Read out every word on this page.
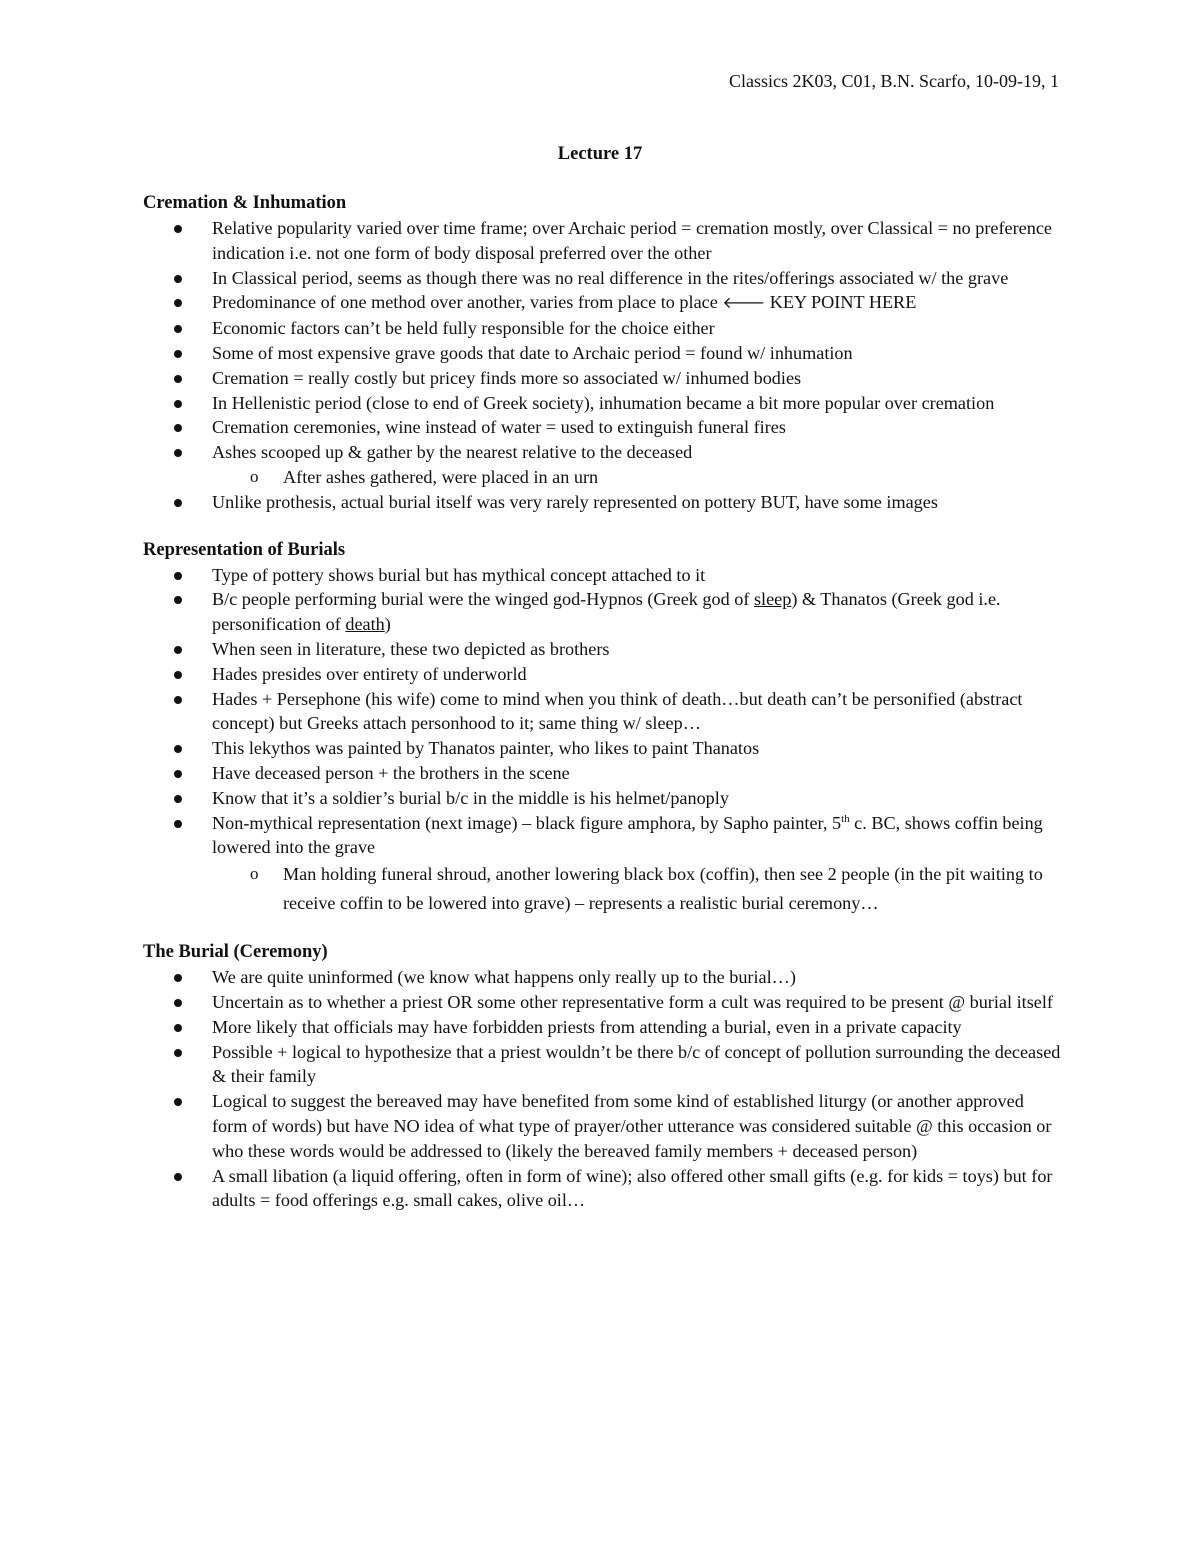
Classics 2K03, C01, B.N. Scarfo, 10-09-19, 1
Lecture 17
Cremation & Inhumation
Relative popularity varied over time frame; over Archaic period = cremation mostly, over Classical = no preference indication i.e. not one form of body disposal preferred over the other
In Classical period, seems as though there was no real difference in the rites/offerings associated w/ the grave
Predominance of one method over another, varies from place to place 🡐 KEY POINT HERE
Economic factors can’t be held fully responsible for the choice either
Some of most expensive grave goods that date to Archaic period = found w/ inhumation
Cremation = really costly but pricey finds more so associated w/ inhumed bodies
In Hellenistic period (close to end of Greek society), inhumation became a bit more popular over cremation
Cremation ceremonies, wine instead of water = used to extinguish funeral fires
Ashes scooped up & gather by the nearest relative to the deceased
o After ashes gathered, were placed in an urn
Unlike prothesis, actual burial itself was very rarely represented on pottery BUT, have some images
Representation of Burials
Type of pottery shows burial but has mythical concept attached to it
B/c people performing burial were the winged god-Hypnos (Greek god of sleep) & Thanatos (Greek god i.e. personification of death)
When seen in literature, these two depicted as brothers
Hades presides over entirety of underworld
Hades + Persephone (his wife) come to mind when you think of death…but death can’t be personified (abstract concept) but Greeks attach personhood to it; same thing w/ sleep…
This lekythos was painted by Thanatos painter, who likes to paint Thanatos
Have deceased person + the brothers in the scene
Know that it’s a soldier’s burial b/c in the middle is his helmet/panoply
Non-mythical representation (next image) – black figure amphora, by Sapho painter, 5th c. BC, shows coffin being lowered into the grave
o Man holding funeral shroud, another lowering black box (coffin), then see 2 people (in the pit waiting to receive coffin to be lowered into grave) – represents a realistic burial ceremony…
The Burial (Ceremony)
We are quite uninformed (we know what happens only really up to the burial…)
Uncertain as to whether a priest OR some other representative form a cult was required to be present @ burial itself
More likely that officials may have forbidden priests from attending a burial, even in a private capacity
Possible + logical to hypothesize that a priest wouldn’t be there b/c of concept of pollution surrounding the deceased & their family
Logical to suggest the bereaved may have benefited from some kind of established liturgy (or another approved form of words) but have NO idea of what type of prayer/other utterance was considered suitable @ this occasion or who these words would be addressed to (likely the bereaved family members + deceased person)
A small libation (a liquid offering, often in form of wine); also offered other small gifts (e.g. for kids = toys) but for adults = food offerings e.g. small cakes, olive oil…
